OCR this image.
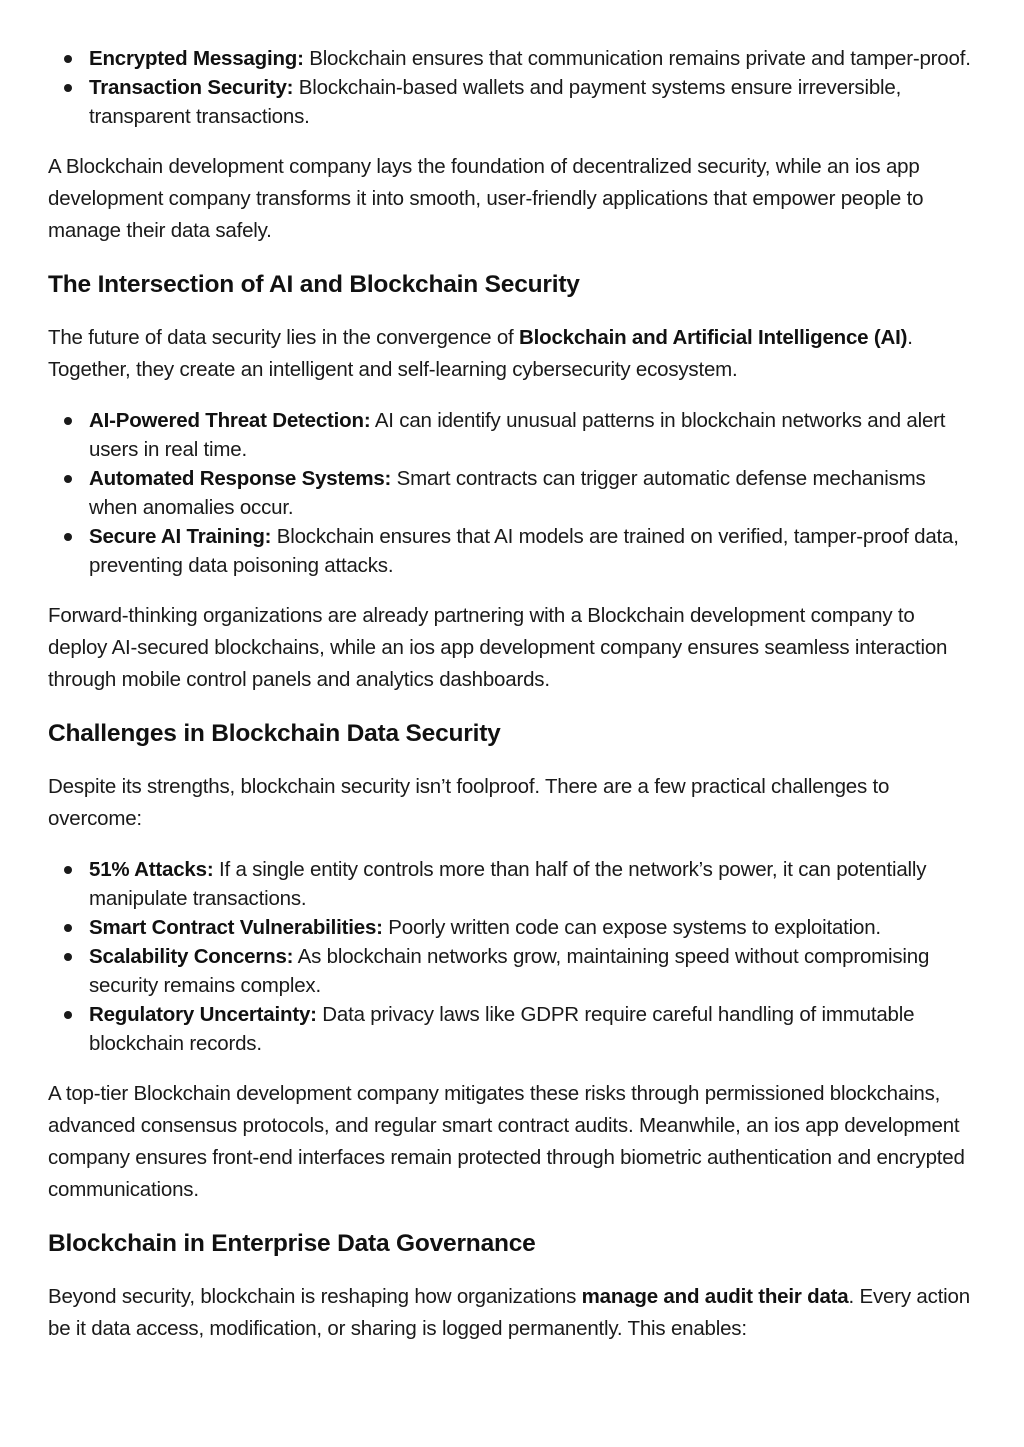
Encrypted Messaging: Blockchain ensures that communication remains private and tamper-proof.
Transaction Security: Blockchain-based wallets and payment systems ensure irreversible, transparent transactions.

A Blockchain development company lays the foundation of decentralized security, while an ios app development company transforms it into smooth, user-friendly applications that empower people to manage their data safely.

The Intersection of AI and Blockchain Security

The future of data security lies in the convergence of Blockchain and Artificial Intelligence (AI). Together, they create an intelligent and self-learning cybersecurity ecosystem.

AI-Powered Threat Detection: AI can identify unusual patterns in blockchain networks and alert users in real time.
Automated Response Systems: Smart contracts can trigger automatic defense mechanisms when anomalies occur.
Secure AI Training: Blockchain ensures that AI models are trained on verified, tamper-proof data, preventing data poisoning attacks.

Forward-thinking organizations are already partnering with a Blockchain development company to deploy AI-secured blockchains, while an ios app development company ensures seamless interaction through mobile control panels and analytics dashboards.

Challenges in Blockchain Data Security

Despite its strengths, blockchain security isn’t foolproof. There are a few practical challenges to overcome:

51% Attacks: If a single entity controls more than half of the network’s power, it can potentially manipulate transactions.
Smart Contract Vulnerabilities: Poorly written code can expose systems to exploitation.
Scalability Concerns: As blockchain networks grow, maintaining speed without compromising security remains complex.
Regulatory Uncertainty: Data privacy laws like GDPR require careful handling of immutable blockchain records.

A top-tier Blockchain development company mitigates these risks through permissioned blockchains, advanced consensus protocols, and regular smart contract audits. Meanwhile, an ios app development company ensures front-end interfaces remain protected through biometric authentication and encrypted communications.

Blockchain in Enterprise Data Governance

Beyond security, blockchain is reshaping how organizations manage and audit their data. Every action be it data access, modification, or sharing is logged permanently. This enables:
